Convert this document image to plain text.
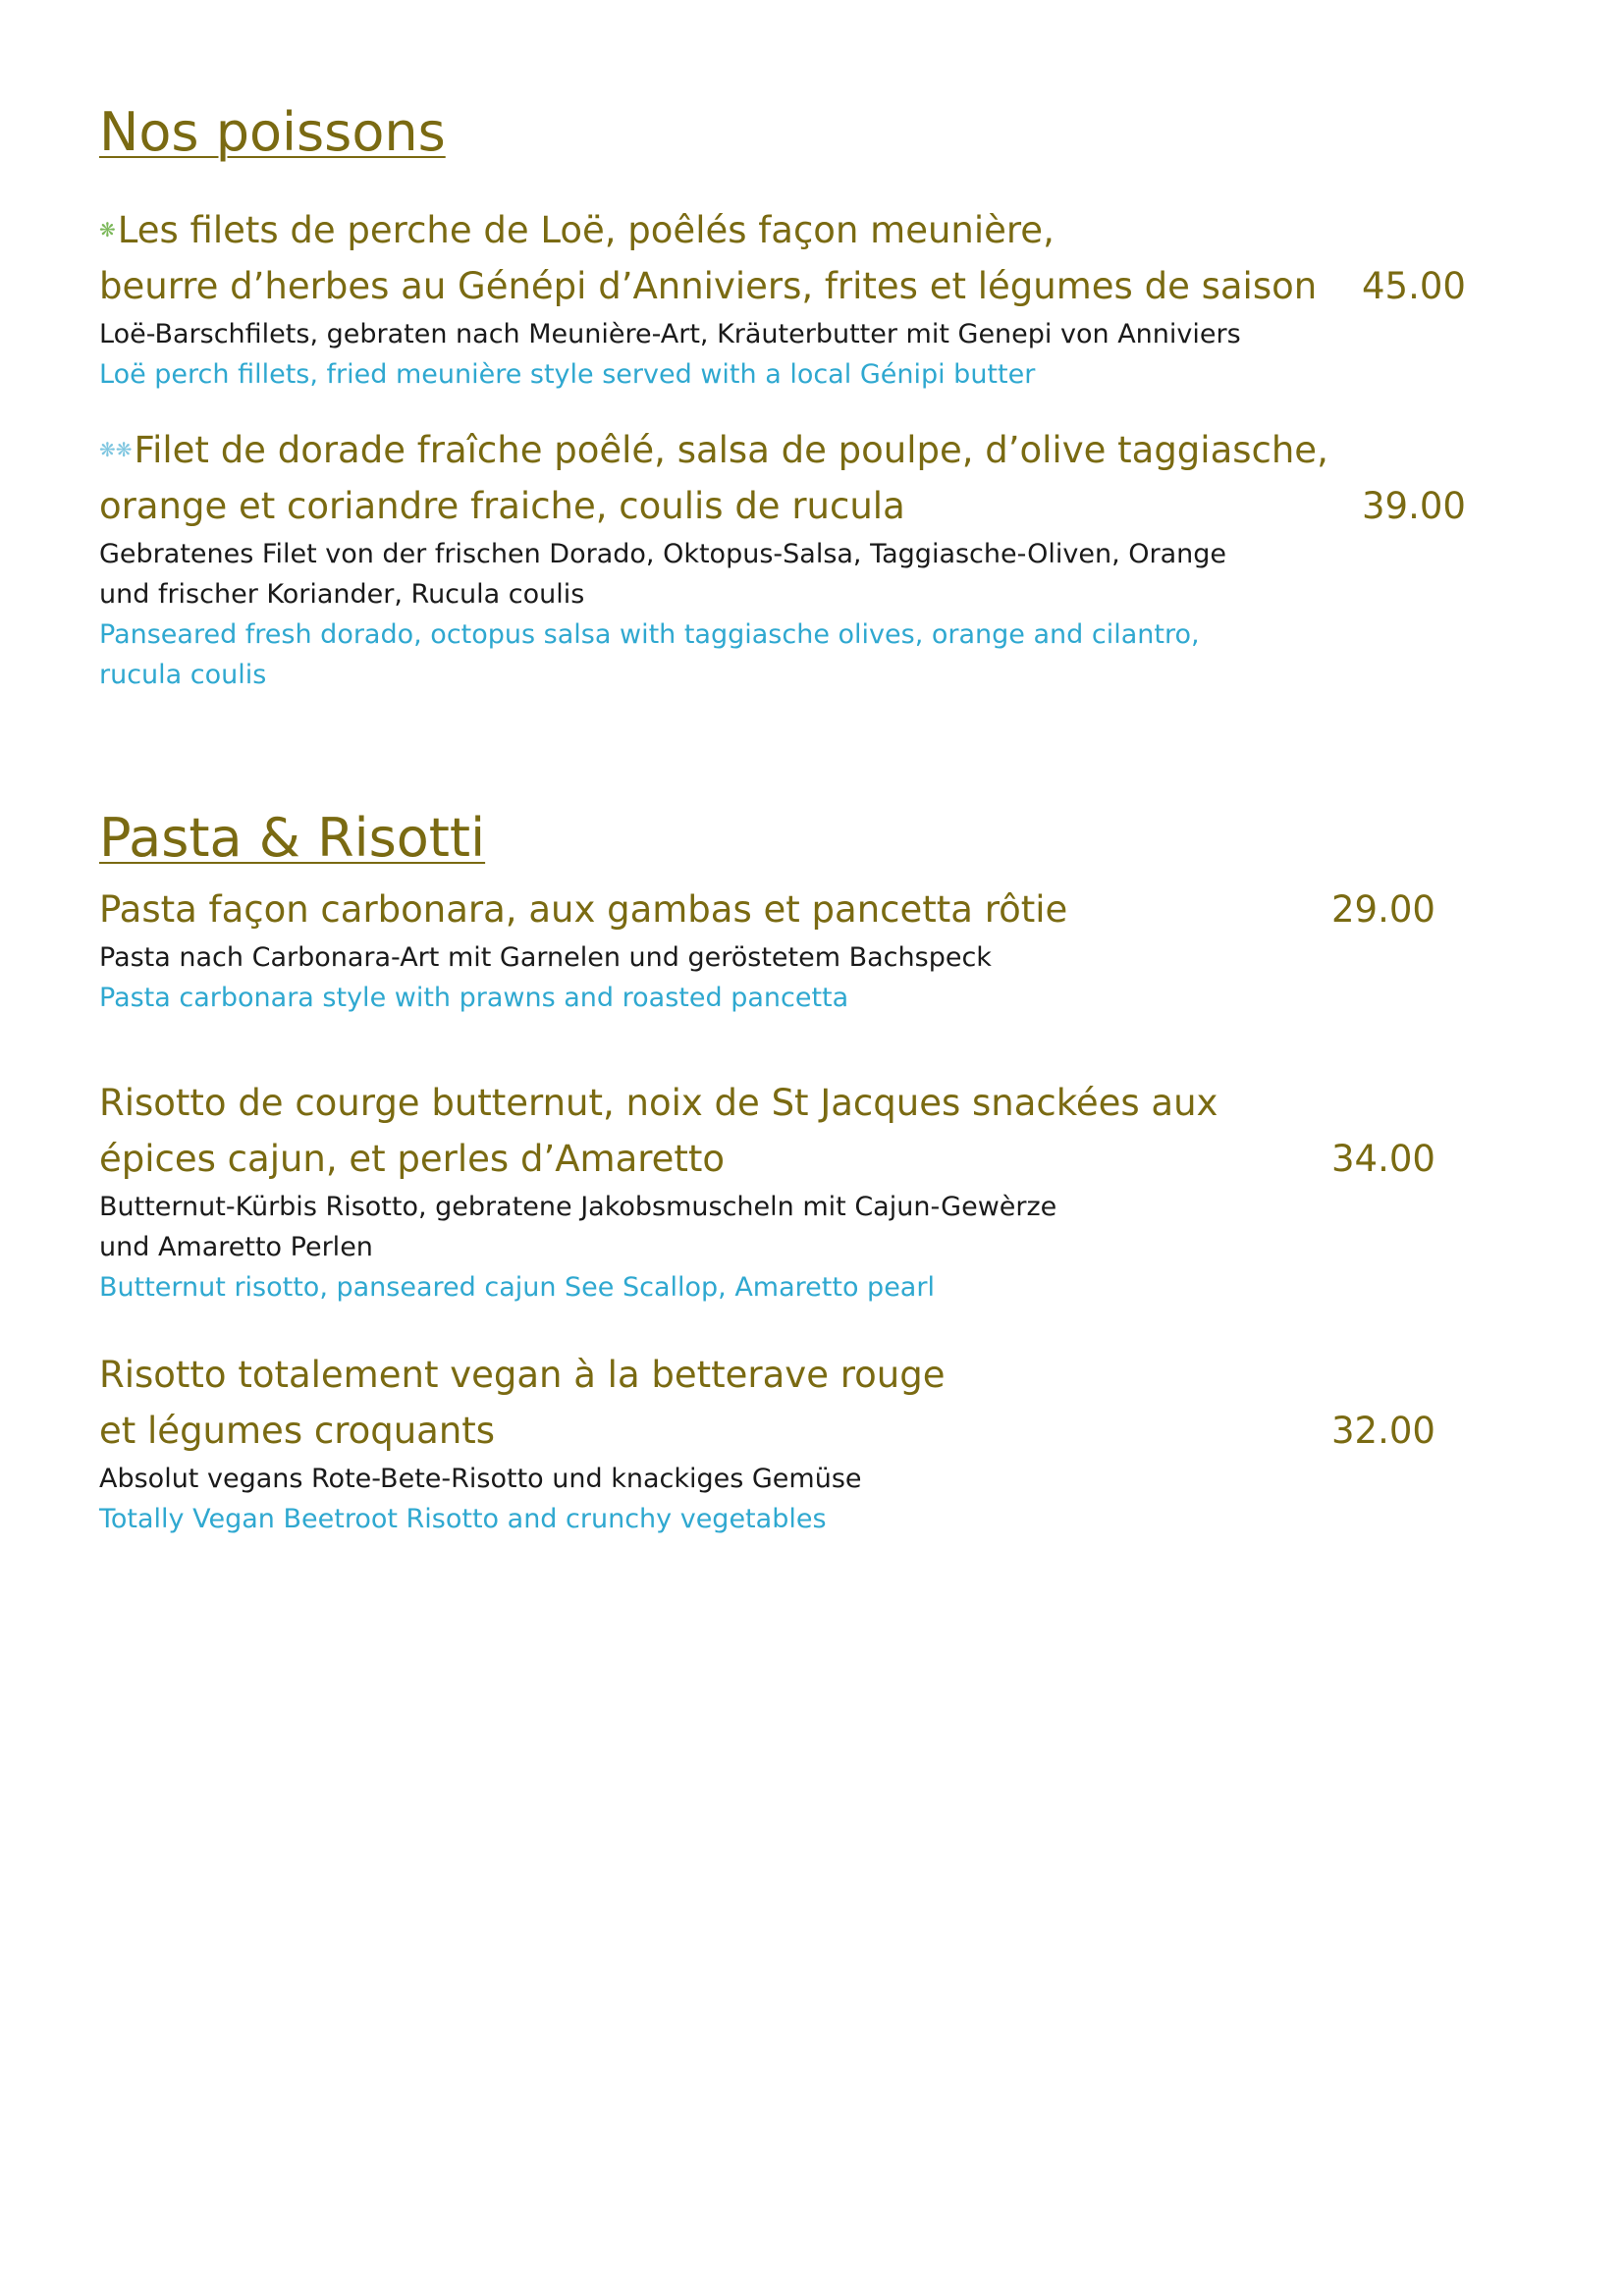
Nos poissons
❋Les filets de perche de Loë, poêlés façon meunière,
beurre d’herbes au Génépi d’Anniviers, frites et légumes de saison
Loë-Barschfilets, gebraten nach Meunière-Art, Kräuterbutter mit Genepi von Anniviers
Loë perch fillets, fried meunière style served with a local Génipi butter
45.00
❋❋Filet de dorade fraîche poêlé, salsa de poulpe, d’olive taggiasche,
orange et coriandre fraiche, coulis de rucula
Gebratenes Filet von der frischen Dorado, Oktopus-Salsa, Taggiasche-Oliven, Orange
und frischer Koriander, Rucula coulis
Panseared fresh dorado, octopus salsa with taggiasche olives, orange and cilantro,
rucula coulis
39.00
Pasta & Risotti
Pasta façon carbonara, aux gambas et pancetta rôtie
Pasta nach Carbonara-Art mit Garnelen und geröstetem Bachspeck
Pasta carbonara style with prawns and roasted pancetta
29.00
Risotto de courge butternut, noix de St Jacques snackées aux
épices cajun, et perles d’Amaretto
Butternut-Kürbis Risotto, gebratene Jakobsmuscheln mit Cajun-Gewèrze
und Amaretto Perlen
Butternut risotto, panseared cajun See Scallop, Amaretto pearl
34.00
Risotto totalement vegan à la betterave rouge
et légumes croquants
Absolut vegans Rote-Bete-Risotto und knackiges Gemüse
Totally Vegan Beetroot Risotto and crunchy vegetables
32.00
